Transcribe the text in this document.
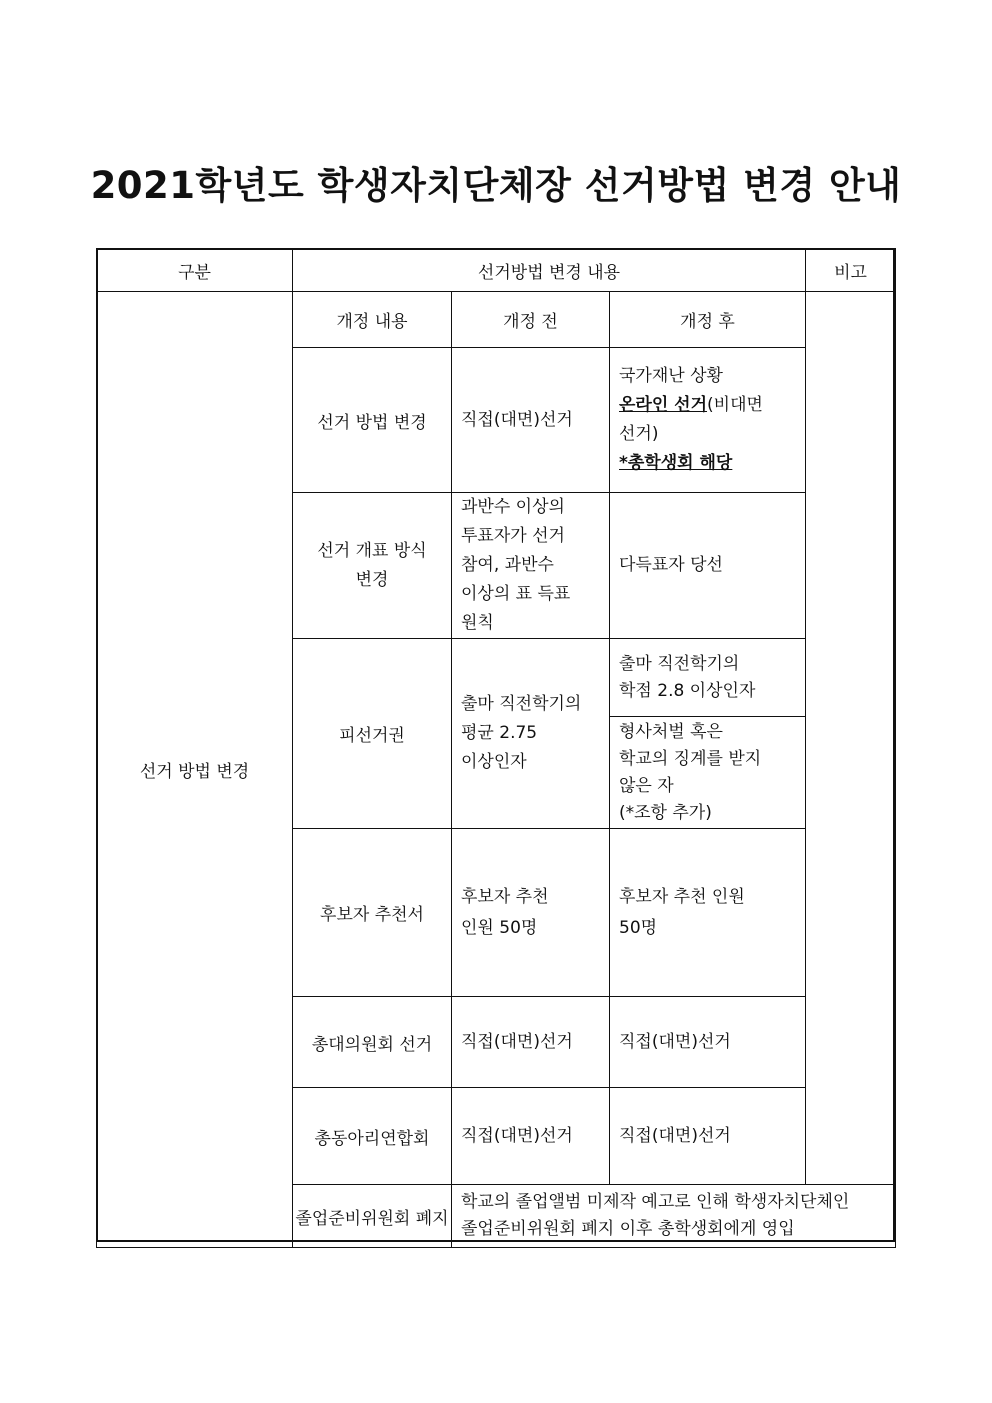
2021학년도 학생자치단체장 선거방법 변경 안내
구분	선거방법 변경 내용			비고	
선거 방법 변경	개정 내용	개정 전	개정 후		
	선거 방법 변경	직접(대면)선거	국가재난 상황
온라인 선거(비대면
선거)
*총학생회 해당		

	선거 개표 방식
변경	과반수 이상의
투표자가 선거
참여, 과반수
이상의 표 득표
원칙	다득표자 당선		
	피선거권	출마 직전학기의
평균 2.75
이상인자	출마 직전학기의
학점 2.8 이상인자		

			형사처벌 혹은
학교의 징계를 받지
않은 자
(*조항 추가)		

	후보자 추천서	후보자 추천
인원 50명	후보자 추천 인원
50명		

	총대의원회 선거	직접(대면)선거	직접(대면)선거		
	총동아리연합회	직접(대면)선거	직접(대면)선거		
	졸업준비위원회 폐지	학교의 졸업앨범 미제작 예고로 인해 학생자치단체인
졸업준비위원회 폐지 이후 총학생회에게 영입			
